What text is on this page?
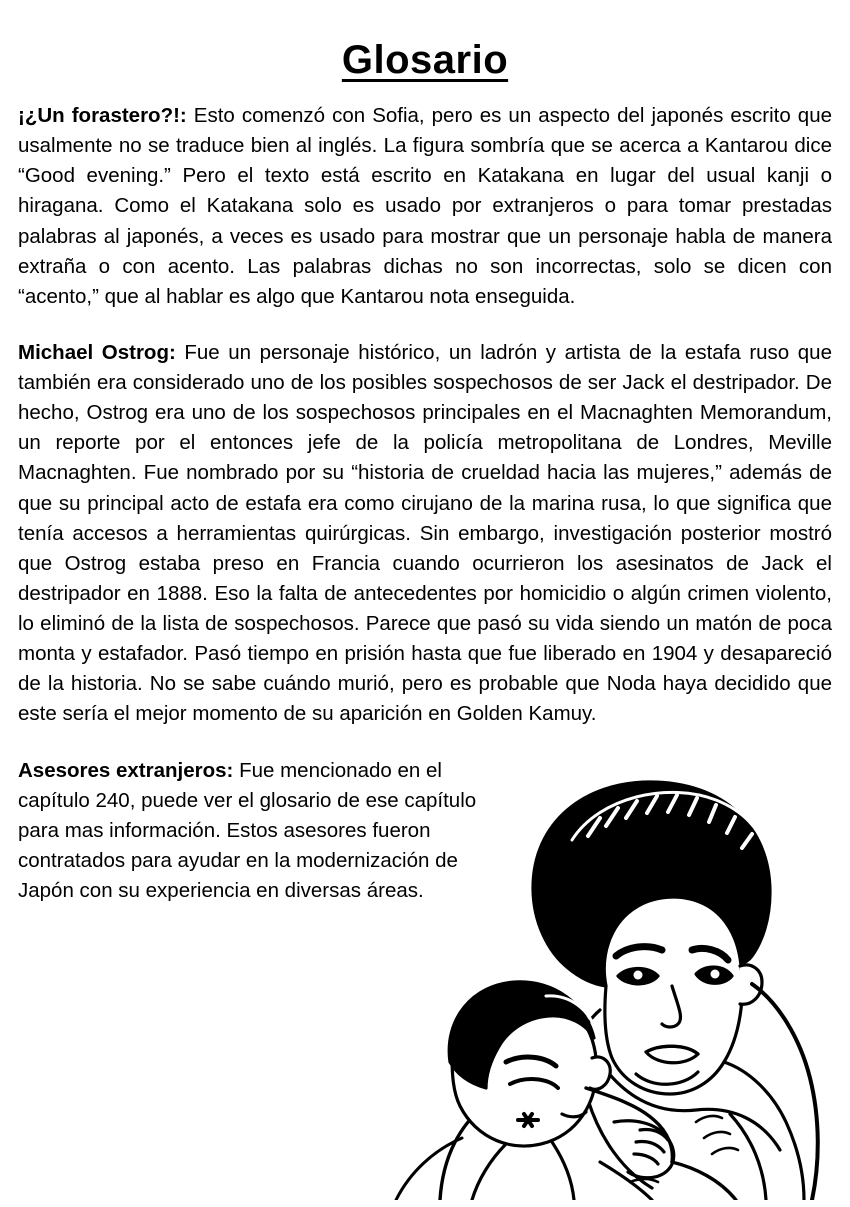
Glosario

¡¿Un forastero?!: Esto comenzó con Sofia, pero es un aspecto del japonés escrito que usalmente no se traduce bien al inglés. La figura sombría que se acerca a Kantarou dice “Good evening.” Pero el texto está escrito en Katakana en lugar del usual kanji o hiragana. Como el Katakana solo es usado por extranjeros o para tomar prestadas palabras al japonés, a veces es usado para mostrar que un personaje habla de manera extraña o con acento. Las palabras dichas no son incorrectas, solo se dicen con “acento,” que al hablar es algo que Kantarou nota enseguida.

Michael Ostrog: Fue un personaje histórico, un ladrón y artista de la estafa ruso que también era considerado uno de los posibles sospechosos de ser Jack el destripador. De hecho, Ostrog era uno de los sospechosos principales en el Macnaghten Memorandum, un reporte por el entonces jefe de la policía metropolitana de Londres, Meville Macnaghten. Fue nombrado por su “historia de crueldad hacia las mujeres,” además de que su principal acto de estafa era como cirujano de la marina rusa, lo que significa que tenía accesos a herramientas quirúrgicas. Sin embargo, investigación posterior mostró que Ostrog estaba preso en Francia cuando ocurrieron los asesinatos de Jack el destripador en 1888. Eso la falta de antecedentes por homicidio o algún crimen violento, lo eliminó de la lista de sospechosos. Parece que pasó su vida siendo un matón de poca monta y estafador. Pasó tiempo en prisión hasta que fue liberado en 1904 y desapareció de la historia. No se sabe cuándo murió, pero es probable que Noda haya decidido que este sería el mejor momento de su aparición en Golden Kamuy.

Asesores extranjeros: Fue mencionado en el capítulo 240, puede ver el glosario de ese capítulo para mas información. Estos asesores fueron contratados para ayudar en la modernización de Japón con su experiencia en diversas áreas.
